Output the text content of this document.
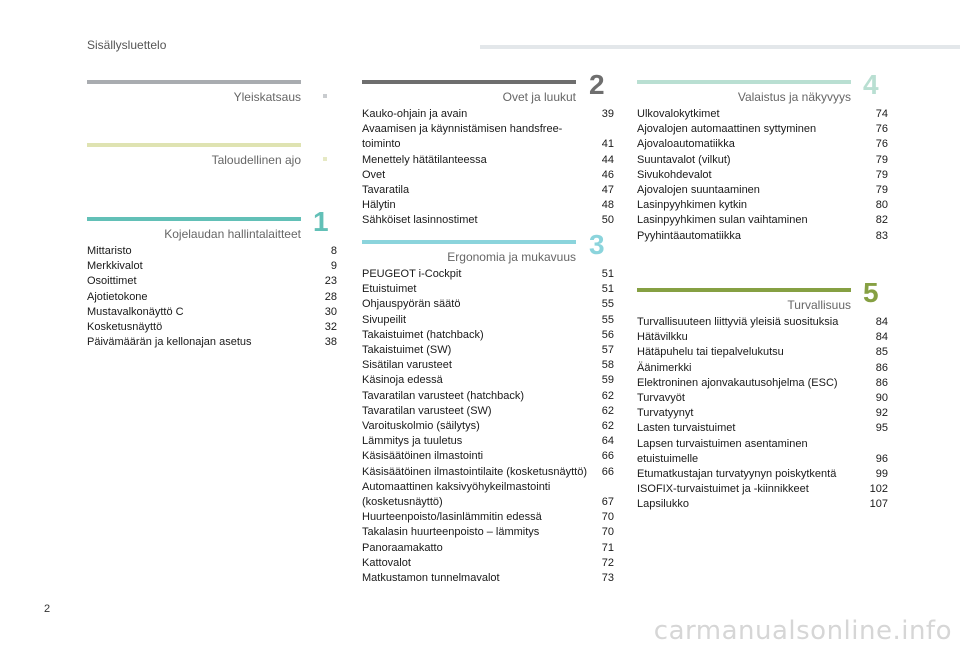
Sisällysluettelo
Yleiskatsaus
Taloudellinen ajo
1
Kojelaudan hallintalaitteet
Mittaristo	8
Merkkivalot	9
Osoittimet	23
Ajotietokone	28
Mustavalkonäyttö C	30
Kosketusnäyttö	32
Päivämäärän ja kellonajan asetus	38
2
Ovet ja luukut
Kauko-ohjain ja avain	39
Avaamisen ja käynnistämisen handsfree-toiminto	41
Menettely hätätilanteessa	44
Ovet	46
Tavaratila	47
Hälytin	48
Sähköiset lasinnostimet	50
3
Ergonomia ja mukavuus
PEUGEOT i-Cockpit	51
Etuistuimet	51
Ohjauspyörän säätö	55
Sivupeilit	55
Takaistuimet (hatchback)	56
Takaistuimet (SW)	57
Sisätilan varusteet	58
Käsinoja edessä	59
Tavaratilan varusteet (hatchback)	62
Tavaratilan varusteet (SW)	62
Varoituskolmio (säilytys)	62
Lämmitys ja tuuletus	64
Käsisäätöinen ilmastointi	66
Käsisäätöinen ilmastointilaite (kosketusnäyttö)	66
Automaattinen kaksivyöhykeilmastointi (kosketusnäyttö)	67
Huurteenpoisto/lasinlämmitin edessä	70
Takalasin huurteenpoisto – lämmitys	70
Panoraamakatto	71
Kattovalot	72
Matkustamon tunnelmavalot	73
4
Valaistus ja näkyvyys
Ulkovalokytkimet	74
Ajovalojen automaattinen syttyminen	76
Ajovaloautomatiikka	76
Suuntavalot (vilkut)	79
Sivukohdevalot	79
Ajovalojen suuntaaminen	79
Lasinpyyhkimen kytkin	80
Lasinpyyhkimen sulan vaihtaminen	82
Pyyhintäautomatiikka	83
5
Turvallisuus
Turvallisuuteen liittyviä yleisiä suosituksia	84
Hätävilkku	84
Hätäpuhelu tai tiepalvelukutsu	85
Äänimerkki	86
Elektroninen ajonvakautusohjelma (ESC)	86
Turvavyöt	90
Turvatyynyt	92
Lasten turvaistuimet	95
Lapsen turvaistuimen asentaminen etuistuimelle	96
Etumatkustajan turvatyynyn poiskytkentä	99
ISOFIX-turvaistuimet ja -kiinnikkeet	102
Lapsilukko	107
2
carmanualsonline.info
